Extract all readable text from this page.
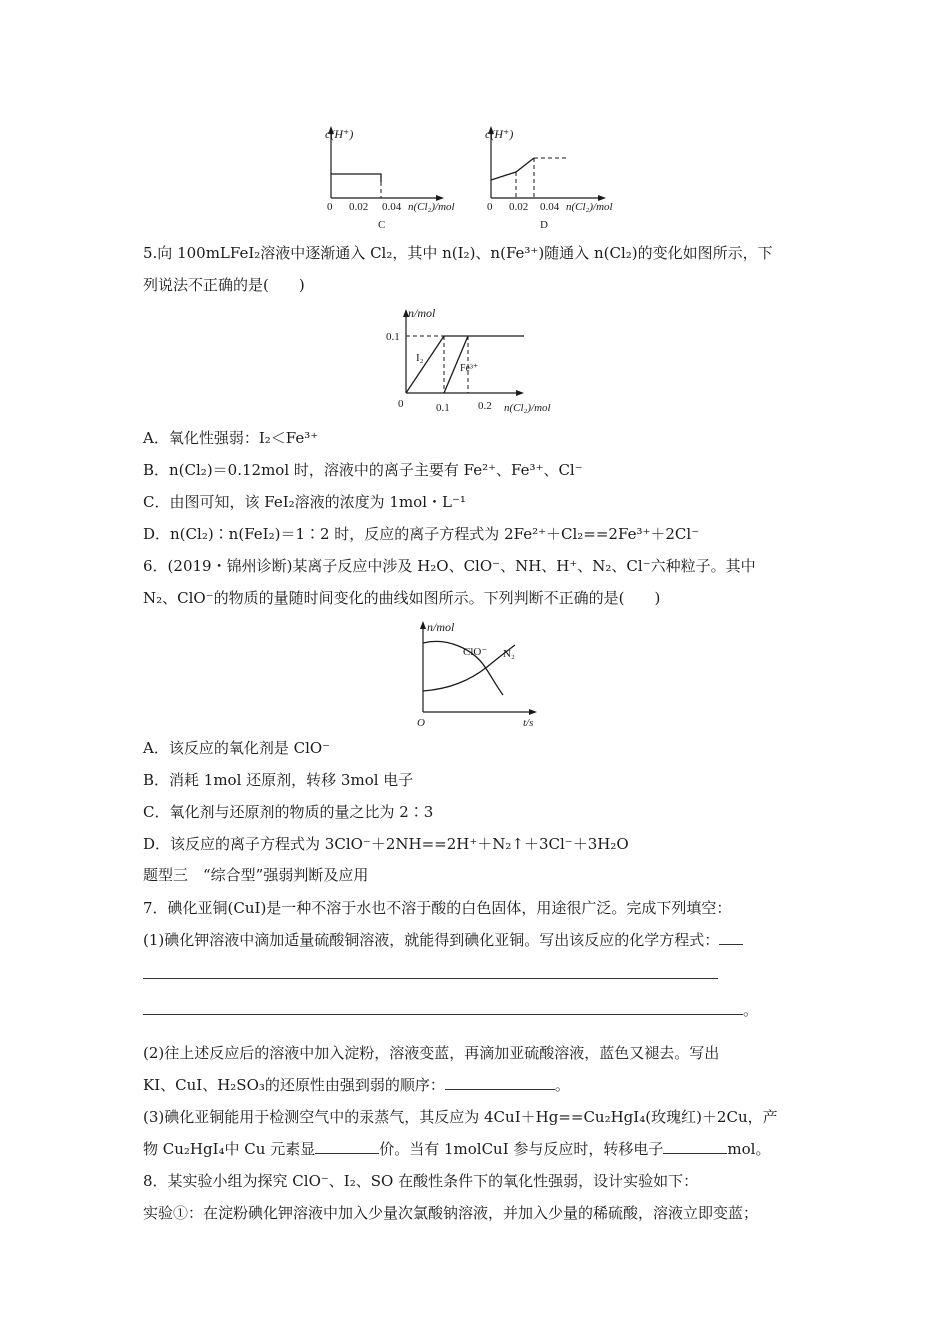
c(H⁺)
0 0.02 0.04 n(Cl₂)/mol
C
c(H⁺)
0 0.02 0.04 n(Cl₂)/mol
D
5.向 100mLFeI₂溶液中逐渐通入 Cl₂，其中 n(I₂)、n(Fe³⁺)随通入 n(Cl₂)的变化如图所示，下
列说法不正确的是(　　)
n/mol
0.1
0	0.1	0.2 n(Cl₂)/mol
I₂
Fe³⁺
A．氧化性强弱：I₂＜Fe³⁺
B．n(Cl₂)＝0.12mol 时，溶液中的离子主要有 Fe²⁺、Fe³⁺、Cl⁻
C．由图可知，该 FeI₂溶液的浓度为 1mol・L⁻¹
D．n(Cl₂)∶n(FeI₂)＝1∶2 时，反应的离子方程式为 2Fe²⁺＋Cl₂==2Fe³⁺＋2Cl⁻
6．(2019・锦州诊断)某离子反应中涉及 H₂O、ClO⁻、NH、H⁺、N₂、Cl⁻六种粒子。其中
N₂、ClO⁻的物质的量随时间变化的曲线如图所示。下列判断不正确的是(　　)
n/mol
O	t/s
ClO⁻ N₂
A．该反应的氧化剂是 ClO⁻
B．消耗 1mol 还原剂，转移 3mol 电子
C．氧化剂与还原剂的物质的量之比为 2∶3
D．该反应的离子方程式为 3ClO⁻＋2NH==2H⁺＋N₂↑＋3Cl⁻＋3H₂O
题型三　“综合型”强弱判断及应用
7．碘化亚铜(CuI)是一种不溶于水也不溶于酸的白色固体，用途很广泛。完成下列填空：
(1)碘化钾溶液中滴加适量硫酸铜溶液，就能得到碘化亚铜。写出该反应的化学方程式：
。
(2)往上述反应后的溶液中加入淀粉，溶液变蓝，再滴加亚硫酸溶液，蓝色又褪去。写出
KI、CuI、H₂SO₃的还原性由强到弱的顺序：	。
(3)碘化亚铜能用于检测空气中的汞蒸气，其反应为 4CuI＋Hg==Cu₂HgI₄(玫瑰红)＋2Cu，产
物 Cu₂HgI₄中 Cu 元素显	价。当有 1molCuI 参与反应时，转移电子	mol。
8．某实验小组为探究 ClO⁻、I₂、SO 在酸性条件下的氧化性强弱，设计实验如下：
实验①：在淀粉碘化钾溶液中加入少量次氯酸钠溶液，并加入少量的稀硫酸，溶液立即变蓝；
